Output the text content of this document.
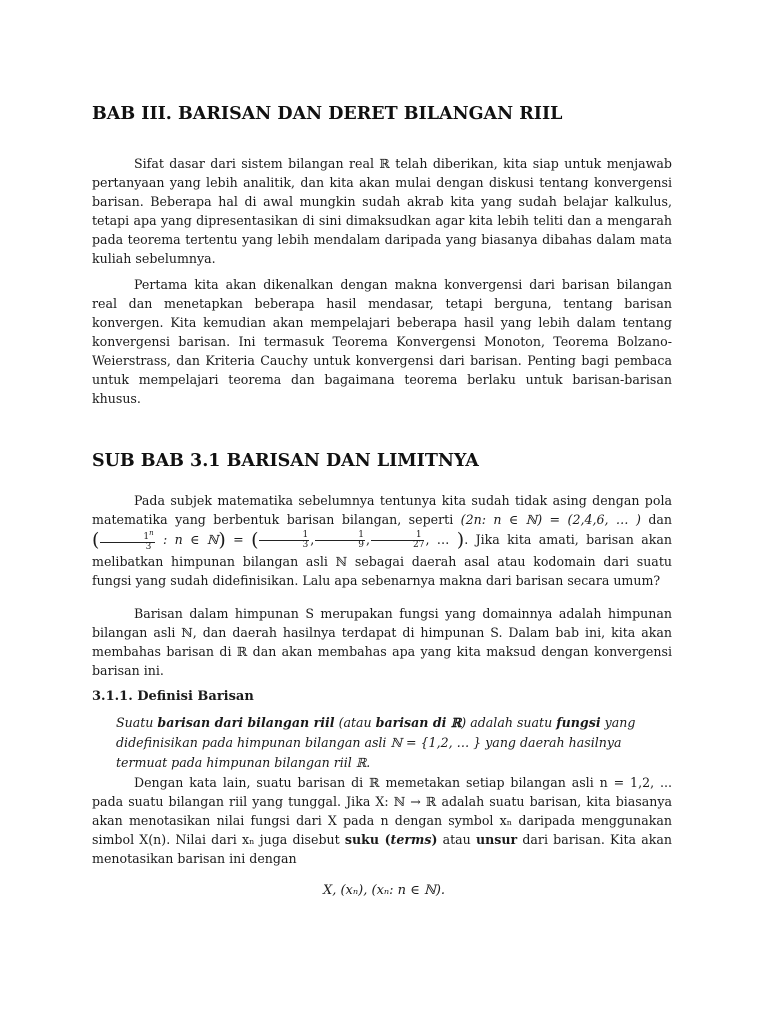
BAB III. BARISAN DAN DERET BILANGAN RIIL

Sifat dasar dari sistem bilangan real ℝ telah diberikan, kita siap untuk menjawab pertanyaan yang lebih analitik, dan kita akan mulai dengan diskusi tentang konvergensi barisan. Beberapa hal di awal mungkin sudah akrab kita yang sudah belajar kalkulus, tetapi apa yang dipresentasikan di sini dimaksudkan agar kita lebih teliti dan a mengarah pada teorema tertentu yang lebih mendalam daripada yang biasanya dibahas dalam mata kuliah sebelumnya.

Pertama kita akan dikenalkan dengan makna konvergensi dari barisan bilangan real dan menetapkan beberapa hasil mendasar, tetapi berguna, tentang barisan konvergen. Kita kemudian akan mempelajari beberapa hasil yang lebih dalam tentang konvergensi barisan. Ini termasuk Teorema Konvergensi Monoton, Teorema Bolzano-Weierstrass, dan Kriteria Cauchy untuk konvergensi dari barisan. Penting bagi pembaca untuk mempelajari teorema dan bagaimana teorema berlaku untuk barisan-barisan khusus.

SUB BAB 3.1 BARISAN DAN LIMITNYA

Pada subjek matematika sebelumnya tentunya kita sudah tidak asing dengan pola matematika yang berbentuk barisan bilangan, seperti (2n: n ∈ ℕ) = (2,4,6, … ) dan ( $\frac{1^n}{3}$ : n ∈ ℕ) = ( $\frac{1}{3}$ , $\frac{1}{9}$ , $\frac{1}{27}$ , … ). Jika kita amati, barisan akan melibatkan himpunan bilangan asli ℕ sebagai daerah asal atau kodomain dari suatu fungsi yang sudah didefinisikan. Lalu apa sebenarnya makna dari barisan secara umum?

Barisan dalam himpunan S merupakan fungsi yang domainnya adalah himpunan bilangan asli ℕ, dan daerah hasilnya terdapat di himpunan S. Dalam bab ini, kita akan membahas barisan di ℝ dan akan membahas apa yang kita maksud dengan konvergensi barisan ini.

3.1.1. Definisi Barisan
Suatu barisan dari bilangan riil (atau barisan di ℝ) adalah suatu fungsi yang didefinisikan pada himpunan bilangan asli ℕ = {1,2, … } yang daerah hasilnya termuat pada himpunan bilangan riil ℝ.

Dengan kata lain, suatu barisan di ℝ memetakan setiap bilangan asli n = 1,2, ... pada suatu bilangan riil yang tunggal. Jika X: ℕ → ℝ adalah suatu barisan, kita biasanya akan menotasikan nilai fungsi dari X pada n dengan symbol xₙ daripada menggunakan simbol X(n). Nilai dari xₙ juga disebut suku (terms) atau unsur dari barisan. Kita akan menotasikan barisan ini dengan

X, (xₙ), (xₙ: n ∈ ℕ).
